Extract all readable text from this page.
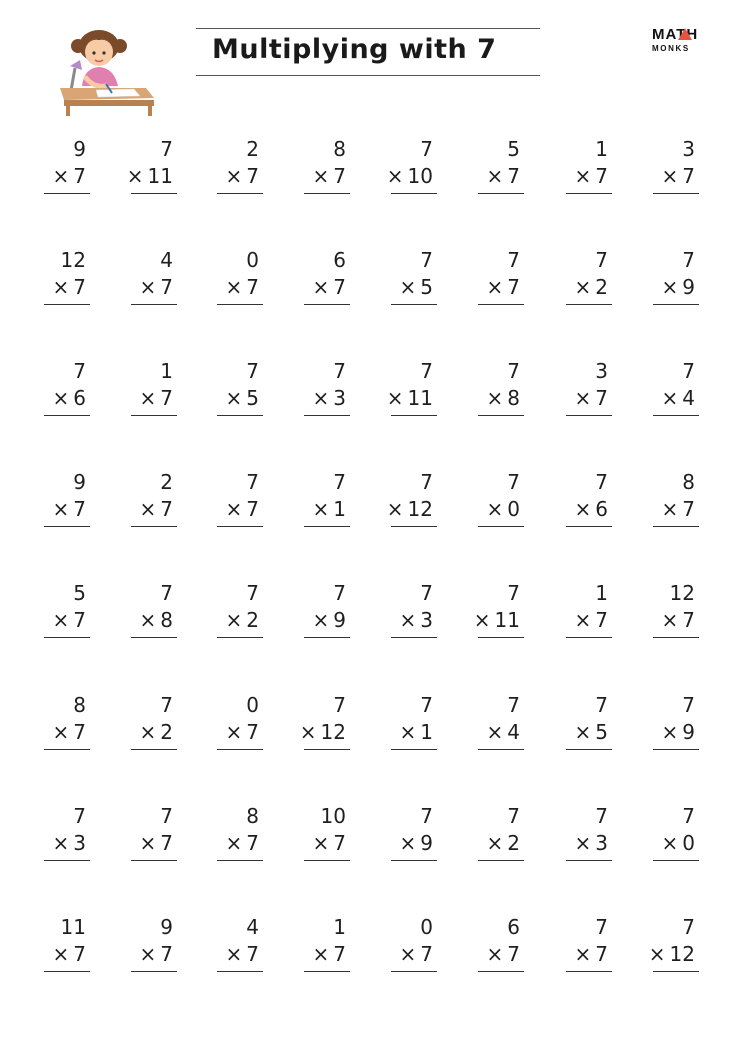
Multiplying with 7	MATH
MONKS
9
× 7
7
× 11
2
× 7
8
× 7
7
× 10
5
× 7
1
× 7
3
× 7
12
× 7
4
× 7
0
× 7
6
× 7
7
× 5
7
× 7
7
× 2
7
× 9
7
× 6
1
× 7
7
× 5
7
× 3
7
× 11
7
× 8
3
× 7
7
× 4
9
× 7
2
× 7
7
× 7
7
× 1
7
× 12
7
× 0
7
× 6
8
× 7
5
× 7
7
× 8
7
× 2
7
× 9
7
× 3
7
× 11
1
× 7
12
× 7
8
× 7
7
× 2
0
× 7
7
× 12
7
× 1
7
× 4
7
× 5
7
× 9
7
× 3
7
× 7
8
× 7
10
× 7
7
× 9
7
× 2
7
× 3
7
× 0
11
× 7
9
× 7
4
× 7
1
× 7
0
× 7
6
× 7
7
× 7
7
× 12
